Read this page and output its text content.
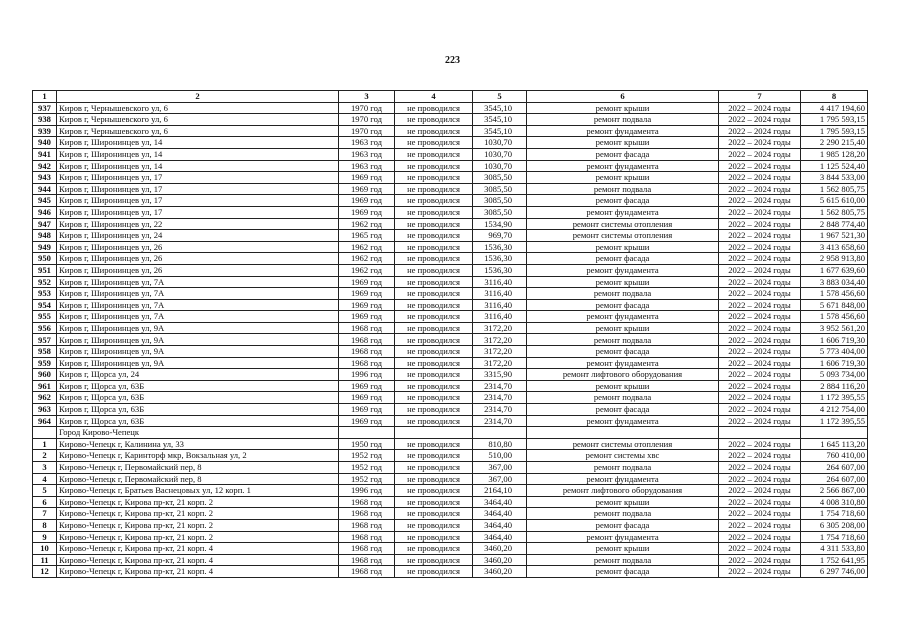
223
1	2	3	4	5	6	7	8
937	Киров г, Чернышевского ул, 6	1970 год	не проводился	3545,10	ремонт крыши	2022 – 2024 годы	4 417 194,60
938	Киров г, Чернышевского ул, 6	1970 год	не проводился	3545,10	ремонт подвала	2022 – 2024 годы	1 795 593,15
939	Киров г, Чернышевского ул, 6	1970 год	не проводился	3545,10	ремонт фундамента	2022 – 2024 годы	1 795 593,15
940	Киров г, Широнинцев ул, 14	1963 год	не проводился	1030,70	ремонт крыши	2022 – 2024 годы	2 290 215,40
941	Киров г, Широнинцев ул, 14	1963 год	не проводился	1030,70	ремонт фасада	2022 – 2024 годы	1 985 128,20
942	Киров г, Широнинцев ул, 14	1963 год	не проводился	1030,70	ремонт фундамента	2022 – 2024 годы	1 125 524,40
943	Киров г, Широнинцев ул, 17	1969 год	не проводился	3085,50	ремонт крыши	2022 – 2024 годы	3 844 533,00
944	Киров г, Широнинцев ул, 17	1969 год	не проводился	3085,50	ремонт подвала	2022 – 2024 годы	1 562 805,75
945	Киров г, Широнинцев ул, 17	1969 год	не проводился	3085,50	ремонт фасада	2022 – 2024 годы	5 615 610,00
946	Киров г, Широнинцев ул, 17	1969 год	не проводился	3085,50	ремонт фундамента	2022 – 2024 годы	1 562 805,75
947	Киров г, Широнинцев ул, 22	1962 год	не проводился	1534,90	ремонт системы отопления	2022 – 2024 годы	2 848 774,40
948	Киров г, Широнинцев ул, 24	1965 год	не проводился	969,70	ремонт системы отопления	2022 – 2024 годы	1 967 521,30
949	Киров г, Широнинцев ул, 26	1962 год	не проводился	1536,30	ремонт крыши	2022 – 2024 годы	3 413 658,60
950	Киров г, Широнинцев ул, 26	1962 год	не проводился	1536,30	ремонт фасада	2022 – 2024 годы	2 958 913,80
951	Киров г, Широнинцев ул, 26	1962 год	не проводился	1536,30	ремонт фундамента	2022 – 2024 годы	1 677 639,60
952	Киров г, Широнинцев ул, 7А	1969 год	не проводился	3116,40	ремонт крыши	2022 – 2024 годы	3 883 034,40
953	Киров г, Широнинцев ул, 7А	1969 год	не проводился	3116,40	ремонт подвала	2022 – 2024 годы	1 578 456,60
954	Киров г, Широнинцев ул, 7А	1969 год	не проводился	3116,40	ремонт фасада	2022 – 2024 годы	5 671 848,00
955	Киров г, Широнинцев ул, 7А	1969 год	не проводился	3116,40	ремонт фундамента	2022 – 2024 годы	1 578 456,60
956	Киров г, Широнинцев ул, 9А	1968 год	не проводился	3172,20	ремонт крыши	2022 – 2024 годы	3 952 561,20
957	Киров г, Широнинцев ул, 9А	1968 год	не проводился	3172,20	ремонт подвала	2022 – 2024 годы	1 606 719,30
958	Киров г, Широнинцев ул, 9А	1968 год	не проводился	3172,20	ремонт фасада	2022 – 2024 годы	5 773 404,00
959	Киров г, Широнинцев ул, 9А	1968 год	не проводился	3172,20	ремонт фундамента	2022 – 2024 годы	1 606 719,30
960	Киров г, Щорса ул, 24	1996 год	не проводился	3315,90	ремонт лифтового оборудования	2022 – 2024 годы	5 093 734,00
961	Киров г, Щорса ул, 63Б	1969 год	не проводился	2314,70	ремонт крыши	2022 – 2024 годы	2 884 116,20
962	Киров г, Щорса ул, 63Б	1969 год	не проводился	2314,70	ремонт подвала	2022 – 2024 годы	1 172 395,55
963	Киров г, Щорса ул, 63Б	1969 год	не проводился	2314,70	ремонт фасада	2022 – 2024 годы	4 212 754,00
964	Киров г, Щорса ул, 63Б	1969 год	не проводился	2314,70	ремонт фундамента	2022 – 2024 годы	1 172 395,55
	Город Кирово-Чепецк						
1	Кирово-Чепецк г, Калинина ул, 33	1950 год	не проводился	810,80	ремонт системы отопления	2022 – 2024 годы	1 645 113,20
2	Кирово-Чепецк г, Каринторф мкр, Вокзальная ул, 2	1952 год	не проводился	510,00	ремонт системы хвс	2022 – 2024 годы	760 410,00
3	Кирово-Чепецк г, Первомайский пер, 8	1952 год	не проводился	367,00	ремонт подвала	2022 – 2024 годы	264 607,00
4	Кирово-Чепецк г, Первомайский пер, 8	1952 год	не проводился	367,00	ремонт фундамента	2022 – 2024 годы	264 607,00
5	Кирово-Чепецк г, Братьев Васнецовых ул, 12 корп. 1	1996 год	не проводился	2164,10	ремонт лифтового оборудования	2022 – 2024 годы	2 566 867,00
6	Кирово-Чепецк г, Кирова пр-кт, 21 корп. 2	1968 год	не проводился	3464,40	ремонт крыши	2022 – 2024 годы	4 008 310,80
7	Кирово-Чепецк г, Кирова пр-кт, 21 корп. 2	1968 год	не проводился	3464,40	ремонт подвала	2022 – 2024 годы	1 754 718,60
8	Кирово-Чепецк г, Кирова пр-кт, 21 корп. 2	1968 год	не проводился	3464,40	ремонт фасада	2022 – 2024 годы	6 305 208,00
9	Кирово-Чепецк г, Кирова пр-кт, 21 корп. 2	1968 год	не проводился	3464,40	ремонт фундамента	2022 – 2024 годы	1 754 718,60
10	Кирово-Чепецк г, Кирова пр-кт, 21 корп. 4	1968 год	не проводился	3460,20	ремонт крыши	2022 – 2024 годы	4 311 533,80
11	Кирово-Чепецк г, Кирова пр-кт, 21 корп. 4	1968 год	не проводился	3460,20	ремонт подвала	2022 – 2024 годы	1 752 641,95
12	Кирово-Чепецк г, Кирова пр-кт, 21 корп. 4	1968 год	не проводился	3460,20	ремонт фасада	2022 – 2024 годы	6 297 746,00
